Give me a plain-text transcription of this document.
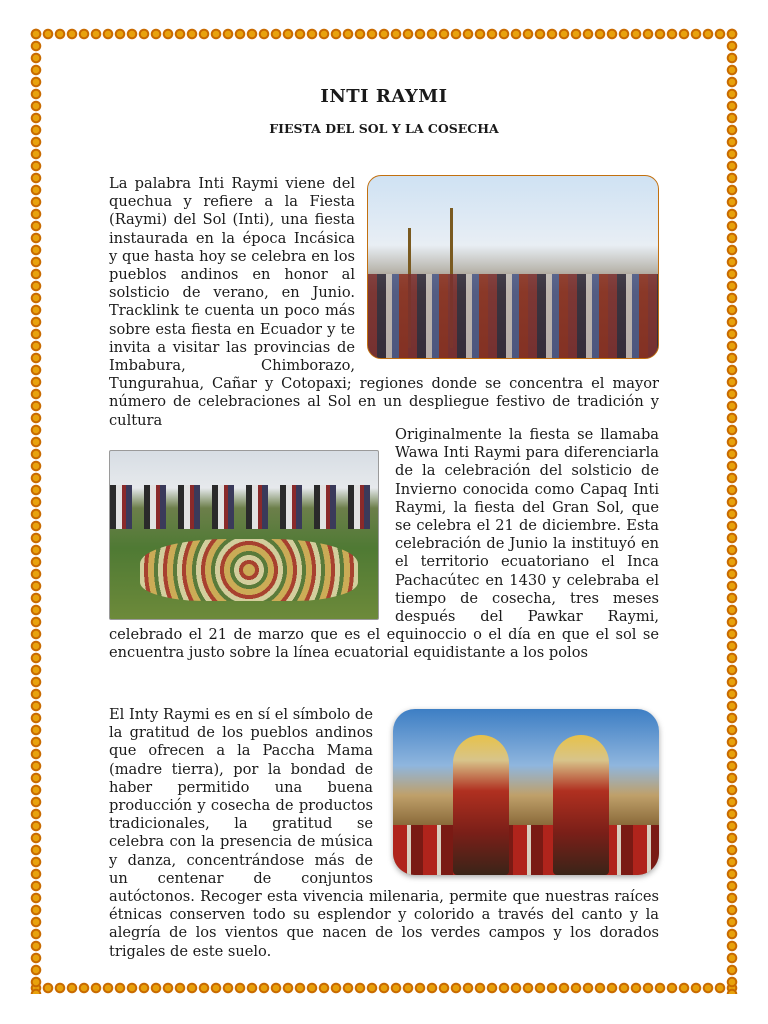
INTI RAYMI
FIESTA DEL SOL Y LA COSECHA

La palabra Inti Raymi viene del quechua y refiere a la Fiesta (Raymi) del Sol (Inti), una fiesta instaurada en la época Incásica y que hasta hoy se celebra en los pueblos andinos en honor al solsticio de verano, en Junio. Tracklink te cuenta un poco más sobre esta fiesta en Ecuador y te invita a visitar las provincias de Imbabura, Chimborazo, Tungurahua, Cañar y Cotopaxi; regiones donde se concentra el mayor número de celebraciones al Sol en un despliegue festivo de tradición y cultura

Originalmente la fiesta se llamaba Wawa Inti Raymi para diferenciarla de la celebración del solsticio de Invierno conocida como Capaq Inti Raymi, la fiesta del Gran Sol, que se celebra el 21 de diciembre. Esta celebración de Junio la instituyó en el territorio ecuatoriano el Inca Pachacútec en 1430 y celebraba el tiempo de cosecha, tres meses después del Pawkar Raymi, celebrado el 21 de marzo que es el equinoccio o el día en que el sol se encuentra justo sobre la línea ecuatorial equidistante a los polos

El Inty Raymi es en sí el símbolo de la gratitud de los pueblos andinos que ofrecen a la Paccha Mama (madre tierra), por la bondad de haber permitido una buena producción y cosecha de productos tradicionales, la gratitud se celebra con la presencia de música y danza, concentrándose más de un centenar de conjuntos autóctonos. Recoger esta vivencia milenaria, permite que nuestras raíces étnicas conserven todo su esplendor y colorido a través del canto y la alegría de los vientos que nacen de los verdes campos y los dorados trigales de este suelo.
